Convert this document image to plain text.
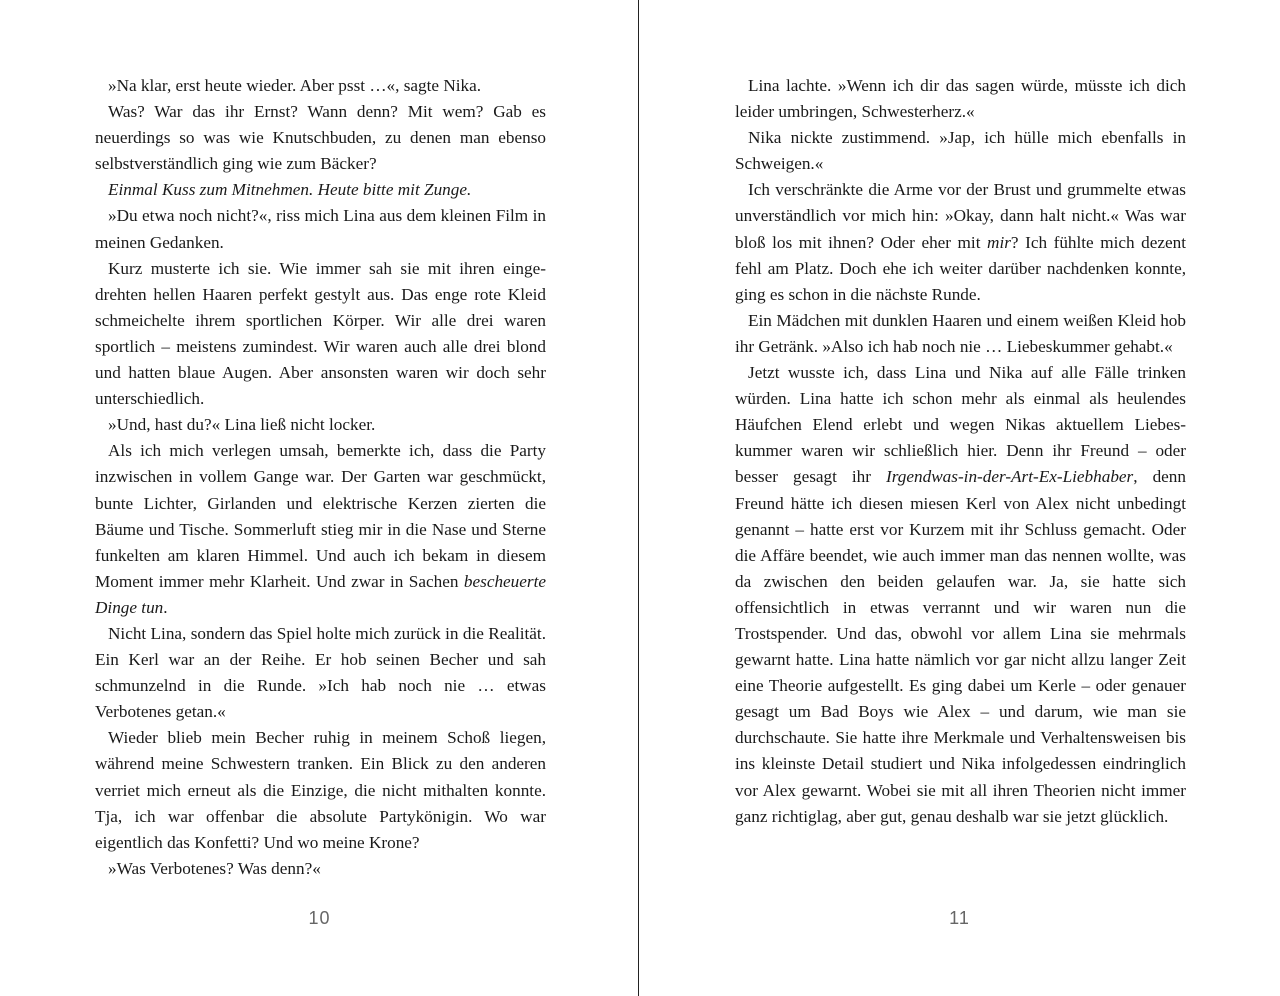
»Na klar, erst heute wieder. Aber psst …«, sagte Nika.

Was? War das ihr Ernst? Wann denn? Mit wem? Gab es neuerdings so was wie Knutschbuden, zu denen man ebenso selbstverständlich ging wie zum Bäcker?

Einmal Kuss zum Mitnehmen. Heute bitte mit Zunge.

»Du etwa noch nicht?«, riss mich Lina aus dem kleinen Film in meinen Gedanken.

Kurz musterte ich sie. Wie immer sah sie mit ihren eingedrehten hellen Haaren perfekt gestylt aus. Das enge rote Kleid schmeichelte ihrem sportlichen Körper. Wir alle drei waren sportlich – meistens zumindest. Wir waren auch alle drei blond und hatten blaue Augen. Aber ansonsten waren wir doch sehr unterschiedlich.

»Und, hast du?« Lina ließ nicht locker.

Als ich mich verlegen umsah, bemerkte ich, dass die Party inzwischen in vollem Gange war. Der Garten war geschmückt, bunte Lichter, Girlanden und elektrische Kerzen zierten die Bäume und Tische. Sommerluft stieg mir in die Nase und Sterne funkelten am klaren Himmel. Und auch ich bekam in diesem Moment immer mehr Klarheit. Und zwar in Sachen bescheuerte Dinge tun.

Nicht Lina, sondern das Spiel holte mich zurück in die Realität. Ein Kerl war an der Reihe. Er hob seinen Becher und sah schmunzelnd in die Runde. »Ich hab noch nie … etwas Verbotenes getan.«

Wieder blieb mein Becher ruhig in meinem Schoß liegen, während meine Schwestern tranken. Ein Blick zu den anderen verriet mich erneut als die Einzige, die nicht mithalten konnte. Tja, ich war offenbar die absolute Partykönigin. Wo war eigentlich das Konfetti? Und wo meine Krone?

»Was Verbotenes? Was denn?«

10

Lina lachte. »Wenn ich dir das sagen würde, müsste ich dich leider umbringen, Schwesterherz.«

Nika nickte zustimmend. »Jap, ich hülle mich ebenfalls in Schweigen.«

Ich verschränkte die Arme vor der Brust und grummelte etwas unverständlich vor mich hin: »Okay, dann halt nicht.« Was war bloß los mit ihnen? Oder eher mit mir? Ich fühlte mich dezent fehl am Platz. Doch ehe ich weiter darüber nachdenken konnte, ging es schon in die nächste Runde.

Ein Mädchen mit dunklen Haaren und einem weißen Kleid hob ihr Getränk. »Also ich hab noch nie … Liebeskummer gehabt.«

Jetzt wusste ich, dass Lina und Nika auf alle Fälle trinken würden. Lina hatte ich schon mehr als einmal als heulendes Häufchen Elend erlebt und wegen Nikas aktuellem Liebeskummer waren wir schließlich hier. Denn ihr Freund – oder besser gesagt ihr Irgendwas-in-der-Art-Ex-Liebhaber, denn Freund hätte ich diesen miesen Kerl von Alex nicht unbedingt genannt – hatte erst vor Kurzem mit ihr Schluss gemacht. Oder die Affäre beendet, wie auch immer man das nennen wollte, was da zwischen den beiden gelaufen war. Ja, sie hatte sich offensichtlich in etwas verrannt und wir waren nun die Trostspender. Und das, obwohl vor allem Lina sie mehrmals gewarnt hatte. Lina hatte nämlich vor gar nicht allzu langer Zeit eine Theorie aufgestellt. Es ging dabei um Kerle – oder genauer gesagt um Bad Boys wie Alex – und darum, wie man sie durchschaute. Sie hatte ihre Merkmale und Verhaltensweisen bis ins kleinste Detail studiert und Nika infolgedessen eindringlich vor Alex gewarnt. Wobei sie mit all ihren Theorien nicht immer ganz richtiglag, aber gut, genau deshalb war sie jetzt glücklich.

11
